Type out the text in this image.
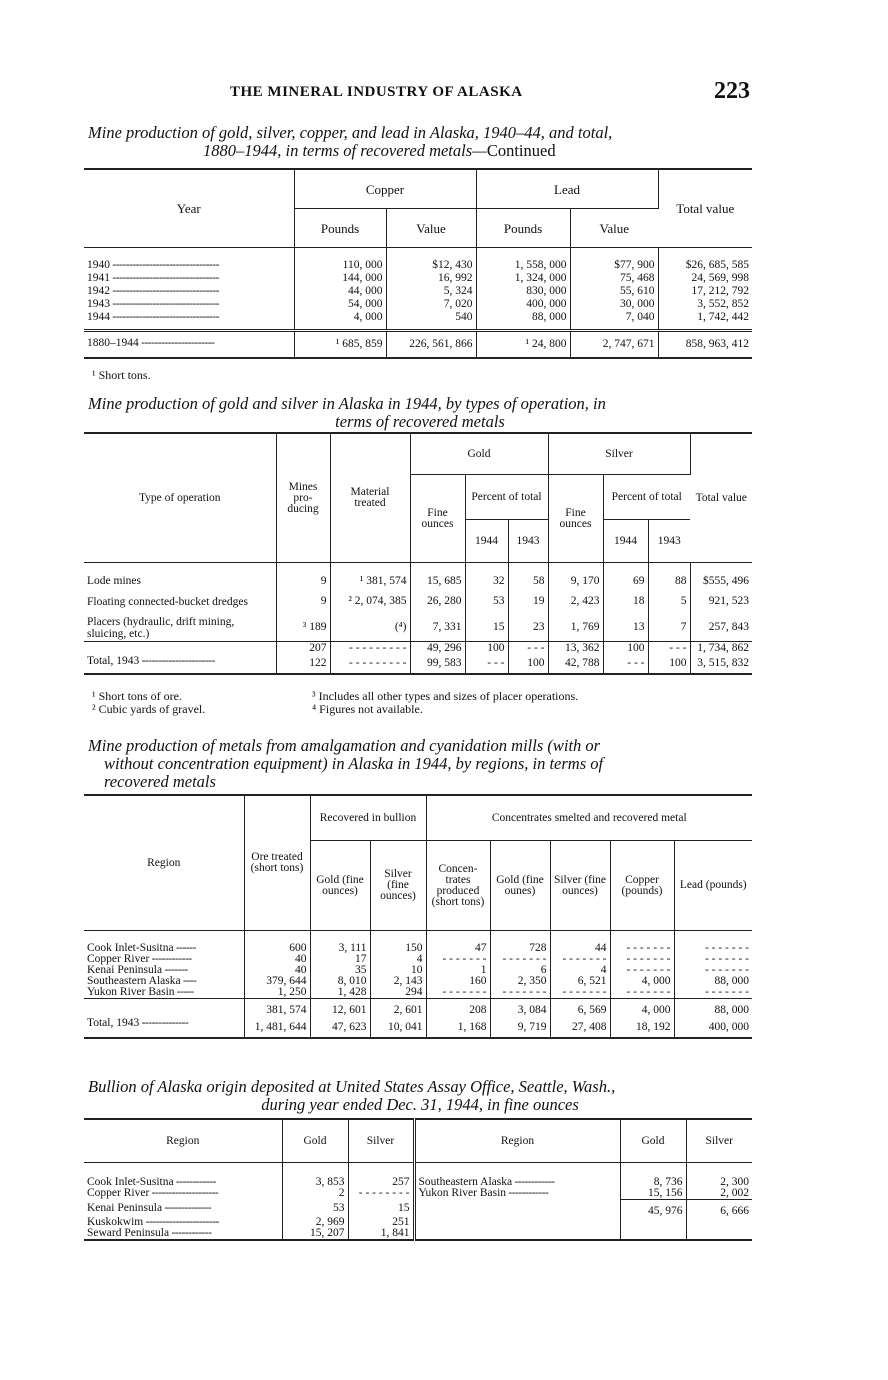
THE MINERAL INDUSTRY OF ALASKA	223
Mine production of gold, silver, copper, and lead in Alaska, 1940–44, and total,
1880–1944, in terms of recovered metals—Continued
Year	Copper		Lead		Total value
	Pounds	Value	Pounds	Value	
1940 --------------------------------	110, 000	$12, 430	1, 558, 000	$77, 900	$26, 685, 585
1941 --------------------------------	144, 000	16, 992	1, 324, 000	75, 468	24, 569, 998
1942 --------------------------------	44, 000	5, 324	830, 000	55, 610	17, 212, 792
1943 --------------------------------	54, 000	7, 020	400, 000	30, 000	3, 552, 852
1944 --------------------------------	4, 000	540	88, 000	7, 040	1, 742, 442

1880–1944 ----------------------	¹ 685, 859	226, 561, 866	¹ 24, 800	2, 747, 671	858, 963, 412
¹ Short tons.
Mine production of gold and silver in Alaska in 1944, by types of operation, in
terms of recovered metals
Type of operation	Mines pro- ducing	Material treated	Gold			Silver			Total value
			Fine ounces	Percent of total		Fine ounces	Percent of total		
				1944	1943		1944	1943	
Lode mines	9	¹ 381, 574	15, 685	32	58	9, 170	69	88	$555, 496
Floating connected-bucket dredges	9	² 2, 074, 385	26, 280	53	19	2, 423	18	5	921, 523
Placers (hydraulic, drift mining, sluicing, etc.)	³ 189	(⁴)	7, 331	15	23	1, 769	13	7	257, 843
	207	- - - - - - - - -	49, 296	100	- - -	13, 362	100	- - -	1, 734, 862
Total, 1943 ----------------------	122	- - - - - - - - -	99, 583	- - -	100	42, 788	- - -	100	3, 515, 832
¹ Short tons of ore.
² Cubic yards of gravel.
³ Includes all other types and sizes of placer operations.
⁴ Figures not available.
Mine production of metals from amalgamation and cyanidation mills (with or
without concentration equipment) in Alaska in 1944, by regions, in terms of
recovered metals
Region	Ore treated (short tons)	Recovered in bullion		Concentrates smelted and recovered metal				
		Gold (fine ounces)	Silver (fine ounces)	Concen- trates produced (short tons)	Gold (fine ounes)	Silver (fine ounces)	Copper (pounds)	Lead (pounds)
Cook Inlet-Susitna ------	600	3, 111	150	47	728	44	- - - - - - -	- - - - - - -
Copper River ------------	40	17	4	- - - - - - -	- - - - - - -	- - - - - - -	- - - - - - -	- - - - - - -
Kenai Peninsula -------	40	35	10	1	6	4	- - - - - - -	- - - - - - -
Southeastern Alaska ----	379, 644	8, 010	2, 143	160	2, 350	6, 521	4, 000	88, 000
Yukon River Basin -----	1, 250	1, 428	294	- - - - - - -	- - - - - - -	- - - - - - -	- - - - - - -	- - - - - - -
	381, 574	12, 601	2, 601	208	3, 084	6, 569	4, 000	88, 000
Total, 1943 --------------	1, 481, 644	47, 623	10, 041	1, 168	9, 719	27, 408	18, 192	400, 000
Bullion of Alaska origin deposited at United States Assay Office, Seattle, Wash.,
during year ended Dec. 31, 1944, in fine ounces
Region	Gold	Silver	Region	Gold	Silver
Cook Inlet-Susitna ------------	3, 853	257	Southeastern Alaska ------------	8, 736	2, 300
Copper River --------------------	2	- - - - - - - -	Yukon River Basin ------------	15, 156	2, 002
Kenai Peninsula --------------	53	15		45, 976	6, 666
Kuskokwim ----------------------	2, 969	251			
Seward Peninsula ------------	15, 207	1, 841			
